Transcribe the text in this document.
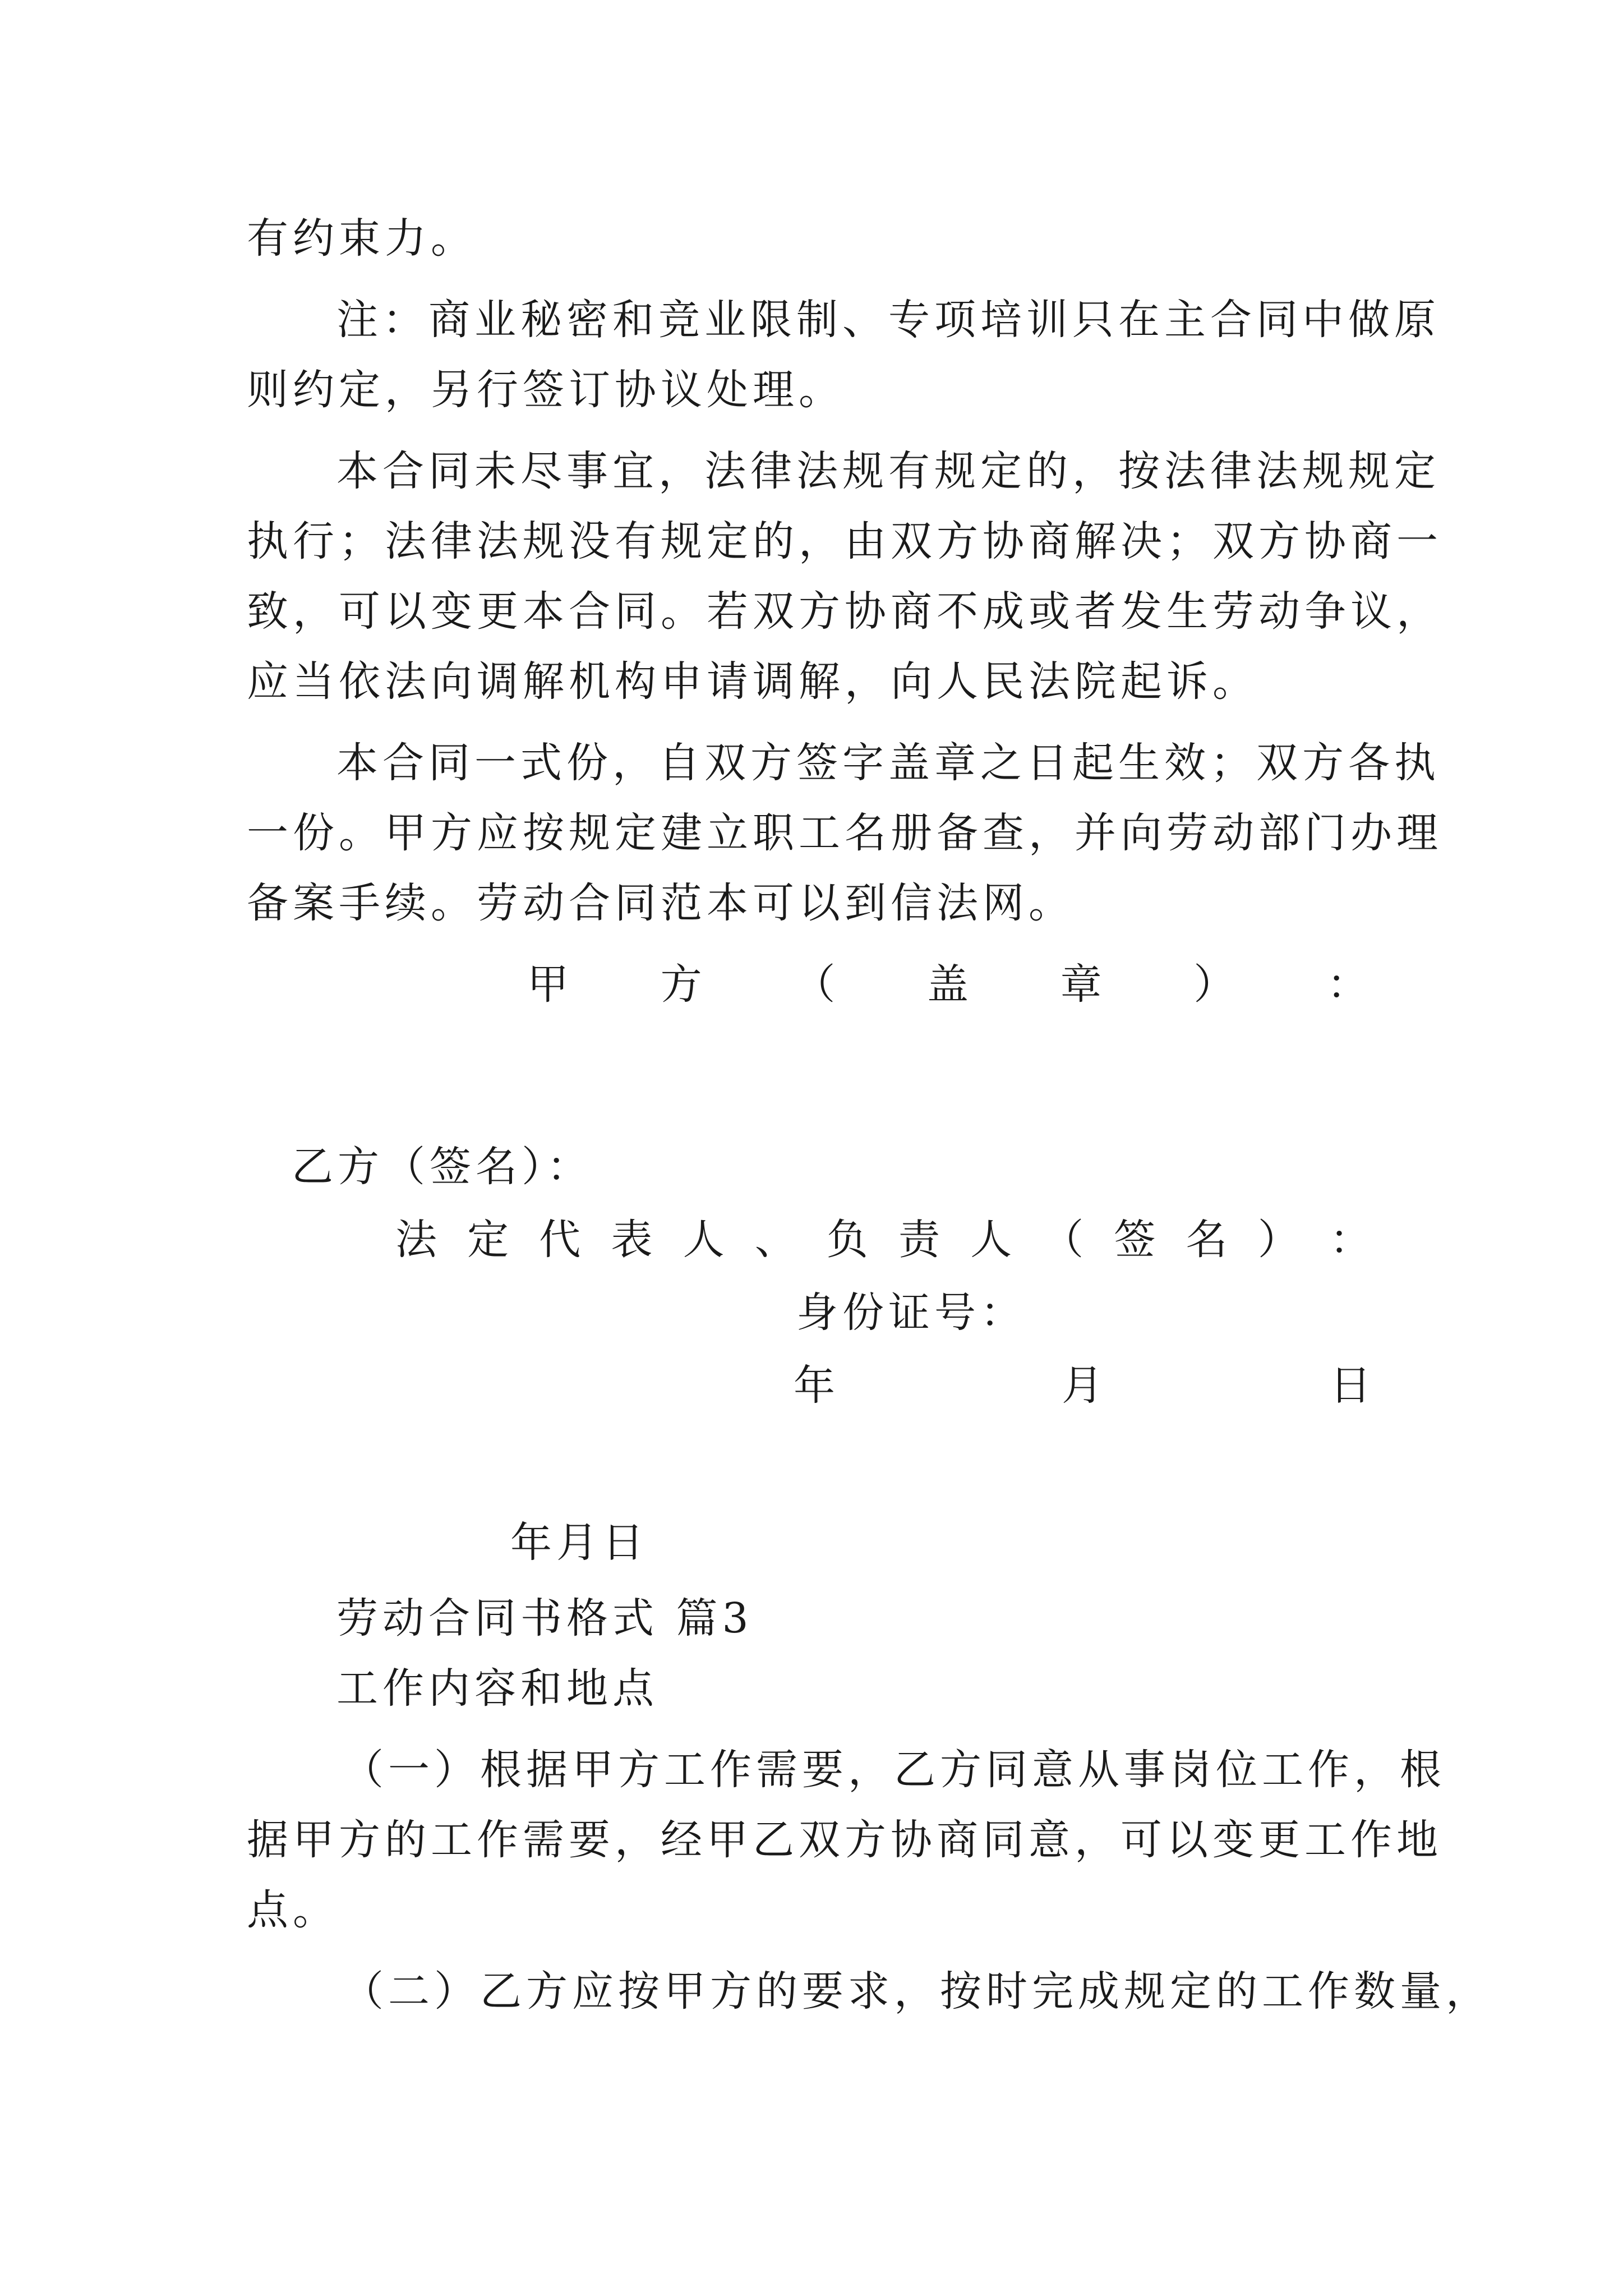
有约束力。
注：商业秘密和竞业限制、专项培训只在主合同中做原
则约定，另行签订协议处理。
本合同未尽事宜，法律法规有规定的，按法律法规规定
执行；法律法规没有规定的，由双方协商解决；双方协商一
致，可以变更本合同。若双方协商不成或者发生劳动争议，
应当依法向调解机构申请调解，向人民法院起诉。
本合同一式份，自双方签字盖章之日起生效；双方各执
一份。甲方应按规定建立职工名册备查，并向劳动部门办理
备案手续。劳动合同范本可以到信法网。
甲 方 （ 盖 章 ） ：
乙方（签名）：
法 定 代 表 人 、 负 责 人 （ 签 名 ） ：
身份证号：
年	月	日
年月日
劳动合同书格式 篇3
工作内容和地点
（一）根据甲方工作需要，乙方同意从事岗位工作，根
据甲方的工作需要，经甲乙双方协商同意，可以变更工作地
点。
（二）乙方应按甲方的要求，按时完成规定的工作数量，
